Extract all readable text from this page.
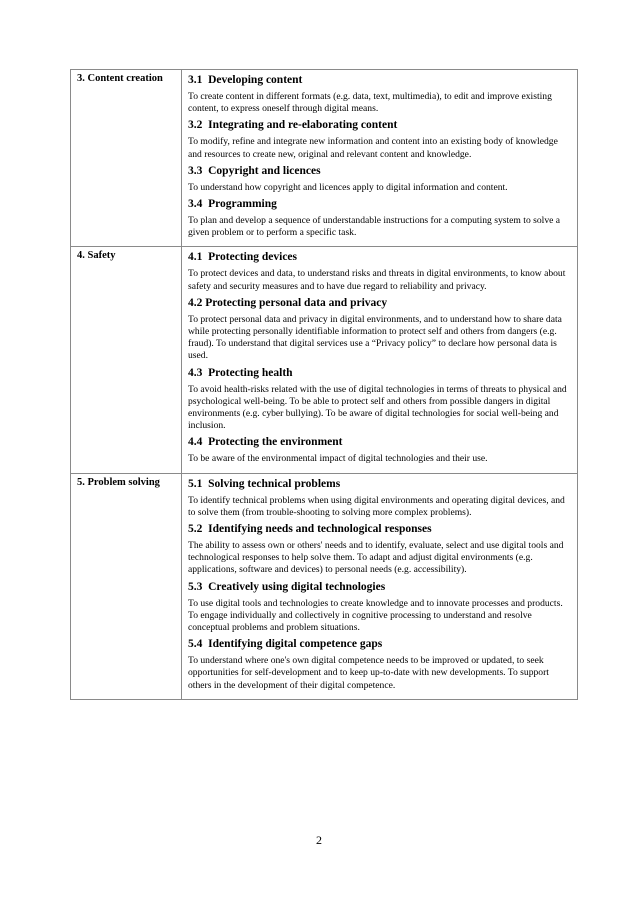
3. Content creation	3.1  Developing content
To create content in different formats (e.g. data, text, multimedia), to edit and improve existing content, to express oneself through digital means.
3.2  Integrating and re-elaborating content
To modify, refine and integrate new information and content into an existing body of knowledge and resources to create new, original and relevant content and knowledge.
3.3  Copyright and licences
To understand how copyright and licences apply to digital information and content.
3.4  Programming
To plan and develop a sequence of understandable instructions for a computing system to solve a given problem or to perform a specific task.
4. Safety	4.1  Protecting devices
To protect devices and data, to understand risks and threats in digital environments, to know about safety and security measures and to have due regard to reliability and privacy.
4.2 Protecting personal data and privacy
To protect personal data and privacy in digital environments, and to understand how to share data while protecting personally identifiable information to protect self and others from dangers (e.g. fraud). To understand that digital services use a “Privacy policy” to declare how personal data is used.
4.3  Protecting health
To avoid health-risks related with the use of digital technologies in terms of threats to physical and psychological well-being. To be able to protect self and others from possible dangers in digital environments (e.g. cyber bullying). To be aware of digital technologies for social well-being and inclusion.
4.4  Protecting the environment
To be aware of the environmental impact of digital technologies and their use.
5. Problem solving	5.1  Solving technical problems
To identify technical problems when using digital environments and operating digital devices, and to solve them (from trouble-shooting to solving more complex problems).
5.2  Identifying needs and technological responses
The ability to assess own or others' needs and to identify, evaluate, select and use digital tools and technological responses to help solve them. To adapt and adjust digital environments (e.g. applications, software and devices) to personal needs (e.g. accessibility).
5.3  Creatively using digital technologies
To use digital tools and technologies to create knowledge and to innovate processes and products. To engage individually and collectively in cognitive processing to understand and resolve conceptual problems and problem situations.
5.4  Identifying digital competence gaps
To understand where one's own digital competence needs to be improved or updated, to seek opportunities for self-development and to keep up-to-date with new developments. To support others in the development of their digital competence.
2
